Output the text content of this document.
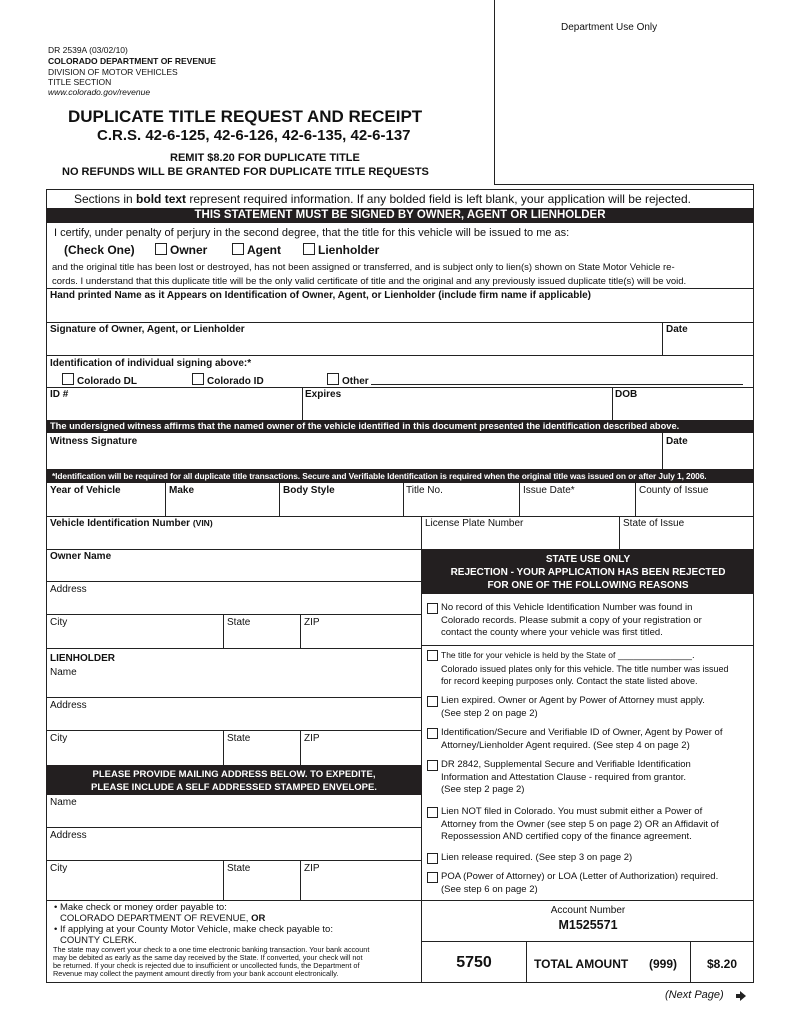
Department Use Only
DR 2539A (03/02/10)
COLORADO DEPARTMENT OF REVENUE
DIVISION OF MOTOR VEHICLES
TITLE SECTION
www.colorado.gov/revenue
DUPLICATE TITLE REQUEST AND RECEIPT
C.R.S. 42-6-125, 42-6-126, 42-6-135, 42-6-137
REMIT $8.20 FOR DUPLICATE TITLE
NO REFUNDS WILL BE GRANTED FOR DUPLICATE TITLE REQUESTS
Sections in bold text represent required information. If any bolded field is left blank, your application will be rejected.
THIS STATEMENT MUST BE SIGNED BY OWNER, AGENT OR LIENHOLDER
I certify, under penalty of perjury in the second degree, that the title for this vehicle will be issued to me as:
(Check One)	Owner	Agent	Lienholder
and the original title has been lost or destroyed, has not been assigned or transferred, and is subject only to lien(s) shown on State Motor Vehicle re-
cords. I understand that this duplicate title will be the only valid certificate of title and the original and any previously issued duplicate title(s) will be void.
Hand printed Name as it Appears on Identification of Owner, Agent, or Lienholder (include firm name if applicable)
Signature of Owner, Agent, or Lienholder	Date
Identification of individual signing above:*
Colorado DL	Colorado ID	Other
ID #	Expires	DOB
The undersigned witness affirms that the named owner of the vehicle identified in this document presented the identification described above.
Witness Signature	Date
*Identification will be required for all duplicate title transactions. Secure and Verifiable Identification is required when the original title was issued on or after July 1, 2006.
Year of Vehicle	Make	Body Style	Title No.	Issue Date*	County of Issue
Vehicle Identification Number (VIN)	License Plate Number	State of Issue
Owner Name
Address
City	State	ZIP
LIENHOLDER
Name
Address
City	State	ZIP
PLEASE PROVIDE MAILING ADDRESS BELOW. TO EXPEDITE,
PLEASE INCLUDE A SELF ADDRESSED STAMPED ENVELOPE.
Name
Address
City	State	ZIP
• Make check or money order payable to:
COLORADO DEPARTMENT OF REVENUE, OR
• If applying at your County Motor Vehicle, make check payable to:
COUNTY CLERK.
The state may convert your check to a one time electronic banking transaction. Your bank account
may be debited as early as the same day received by the State. If converted, your check will not
be returned. If your check is rejected due to insufficient or uncollected funds, the Department of
Revenue may collect the payment amount directly from your bank account electronically.
STATE USE ONLY
REJECTION - YOUR APPLICATION HAS BEEN REJECTED
FOR ONE OF THE FOLLOWING REASONS
No record of this Vehicle Identification Number was found in
Colorado records. Please submit a copy of your registration or
contact the county where your vehicle was first titled.
The title for your vehicle is held by the State of ______________.
Colorado issued plates only for this vehicle. The title number was issued
for record keeping purposes only. Contact the state listed above.
Lien expired. Owner or Agent by Power of Attorney must apply.
(See step 2 on page 2)
Identification/Secure and Verifiable ID of Owner, Agent by Power of
Attorney/Lienholder Agent required. (See step 4 on page 2)
DR 2842, Supplemental Secure and Verifiable Identification
Information and Attestation Clause - required from grantor.
(See step 2 page 2)
Lien NOT filed in Colorado. You must submit either a Power of
Attorney from the Owner (see step 5 on page 2) OR an Affidavit of
Repossession AND certified copy of the finance agreement.
Lien release required. (See step 3 on page 2)
POA (Power of Attorney) or LOA (Letter of Authorization) required.
(See step 6 on page 2)
Account Number
M1525571
5750	TOTAL AMOUNT (999)	$8.20
(Next Page)
